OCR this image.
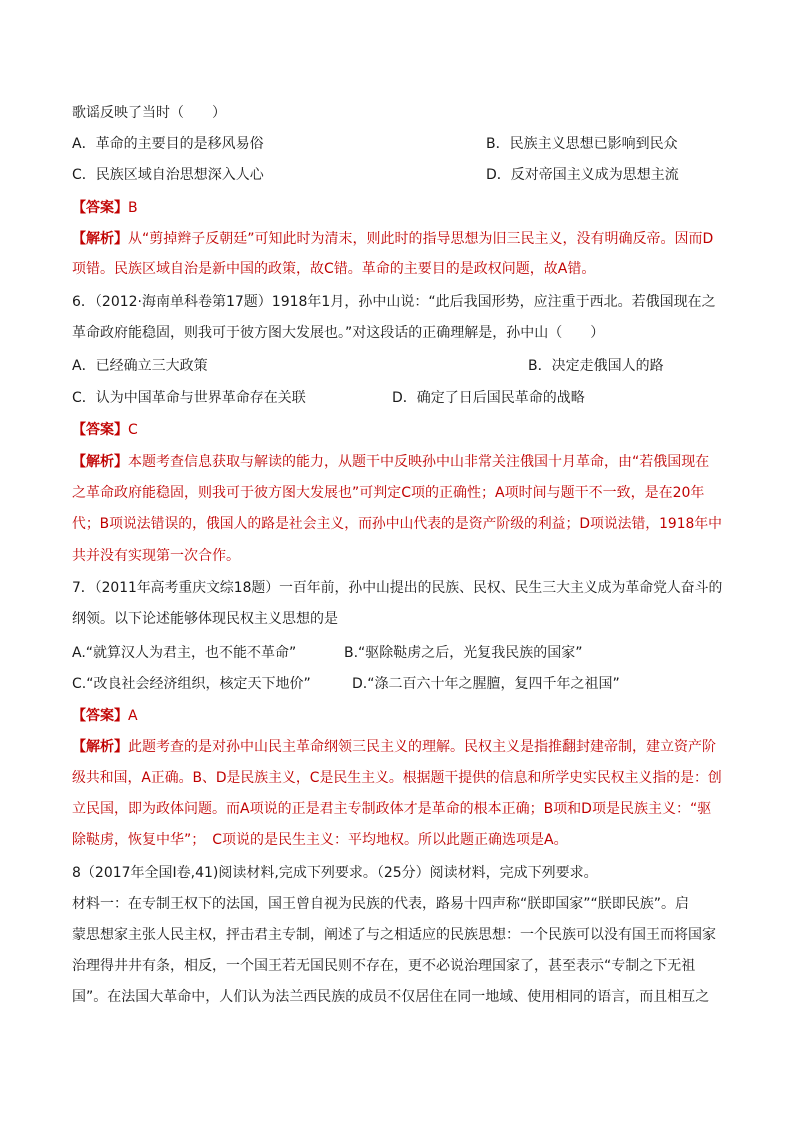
歌谣反映了当时（　　）
A．革命的主要目的是移风易俗	B．民族主义思想已影响到民众
C．民族区域自治思想深入人心	D．反对帝国主义成为思想主流
【答案】B
【解析】从“剪掉辫子反朝廷”可知此时为清末，则此时的指导思想为旧三民主义，没有明确反帝。因而D
项错。民族区域自治是新中国的政策，故C错。革命的主要目的是政权问题，故A错。
6．（2012·海南单科卷第17题）1918年1月，孙中山说：“此后我国形势，应注重于西北。若俄国现在之
革命政府能稳固，则我可于彼方图大发展也。”对这段话的正确理解是，孙中山（　　）
A．已经确立三大政策	B．决定走俄国人的路
C．认为中国革命与世界革命存在关联	D．确定了日后国民革命的战略
【答案】C
【解析】本题考查信息获取与解读的能力，从题干中反映孙中山非常关注俄国十月革命，由“若俄国现在
之革命政府能稳固，则我可于彼方图大发展也”可判定C项的正确性；A项时间与题干不一致，是在20年
代；B项说法错误的，俄国人的路是社会主义，而孙中山代表的是资产阶级的利益；D项说法错，1918年中
共并没有实现第一次合作。
7．（2011年高考重庆文综18题）一百年前，孙中山提出的民族、民权、民生三大主义成为革命党人奋斗的
纲领。以下论述能够体现民权主义思想的是
A.“就算汉人为君主，也不能不革命”	B.“驱除鞑虏之后，光复我民族的国家”
C.“改良社会经济组织，核定天下地价”	D.“涤二百六十年之腥膻，复四千年之祖国”
【答案】A
【解析】此题考查的是对孙中山民主革命纲领三民主义的理解。民权主义是指推翻封建帝制，建立资产阶
级共和国，A正确。B、D是民族主义，C是民生主义。根据题干提供的信息和所学史实民权主义指的是：创
立民国，即为政体问题。而A项说的正是君主专制政体才是革命的根本正确；B项和D项是民族主义：“驱
除鞑虏，恢复中华”；　C项说的是民生主义：平均地权。所以此题正确选项是A。
8（2017年全国Ⅰ卷,41)阅读材料,完成下列要求。（25分）阅读材料，完成下列要求。
材料一：在专制王权下的法国，国王曾自视为民族的代表，路易十四声称“朕即国家”“朕即民族”。启
蒙思想家主张人民主权，抨击君主专制，阐述了与之相适应的民族思想：一个民族可以没有国王而将国家
治理得井井有条，相反，一个国王若无国民则不存在，更不必说治理国家了，甚至表示“专制之下无祖
国”。在法国大革命中，人们认为法兰西民族的成员不仅居住在同一地域、使用相同的语言，而且相互之
